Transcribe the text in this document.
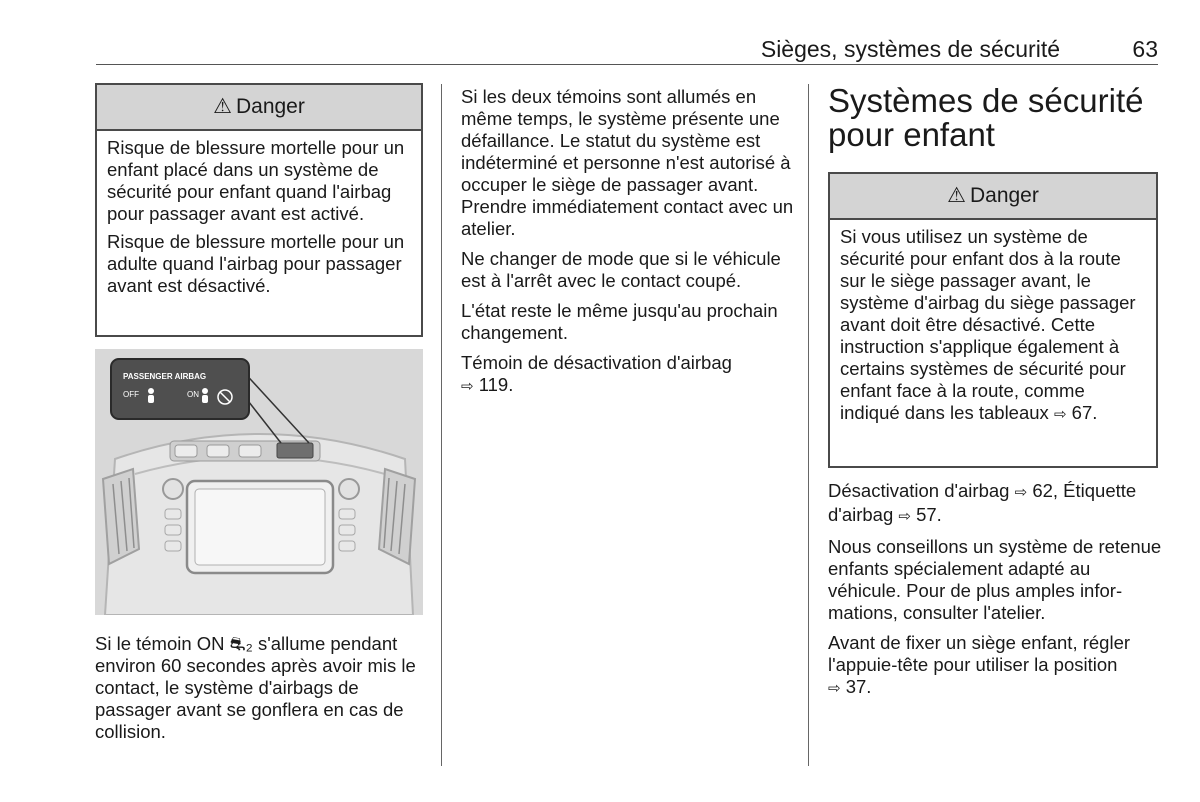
Sièges, systèmes de sécurité	63
⚠ Danger

Risque de blessure mortelle pour un enfant placé dans un système de sécurité pour enfant quand l'airbag pour passager avant est activé.

Risque de blessure mortelle pour un adulte quand l'airbag pour passager avant est désactivé.

PASSENGER AIRBAG
OFF	ON

Si le témoin ON ⛐₂ s'allume pendant environ 60 secondes après avoir mis le contact, le système d'airbags de passager avant se gonflera en cas de collision.

Si les deux témoins sont allumés en même temps, le système présente une défaillance. Le statut du système est indéterminé et personne n'est autorisé à occuper le siège de passager avant. Prendre immédiatement contact avec un atelier.

Ne changer de mode que si le véhicule est à l'arrêt avec le contact coupé.

L'état reste le même jusqu'au prochain changement.

Témoin de désactivation d'airbag
⇨ 119.

Systèmes de sécurité pour enfant
⚠ Danger

Si vous utilisez un système de sécurité pour enfant dos à la route sur le siège passager avant, le système d'airbag du siège passager avant doit être désactivé. Cette instruction s'applique également à certains systèmes de sécurité pour enfant face à la route, comme indiqué dans les tableaux ⇨ 67.

Désactivation d'airbag ⇨ 62, Étiquette d'airbag ⇨ 57.

Nous conseillons un système de retenue enfants spécialement adapté au véhicule. Pour de plus amples informations, consulter l'atelier.

Avant de fixer un siège enfant, régler l'appuie-tête pour utiliser la position
⇨ 37.
